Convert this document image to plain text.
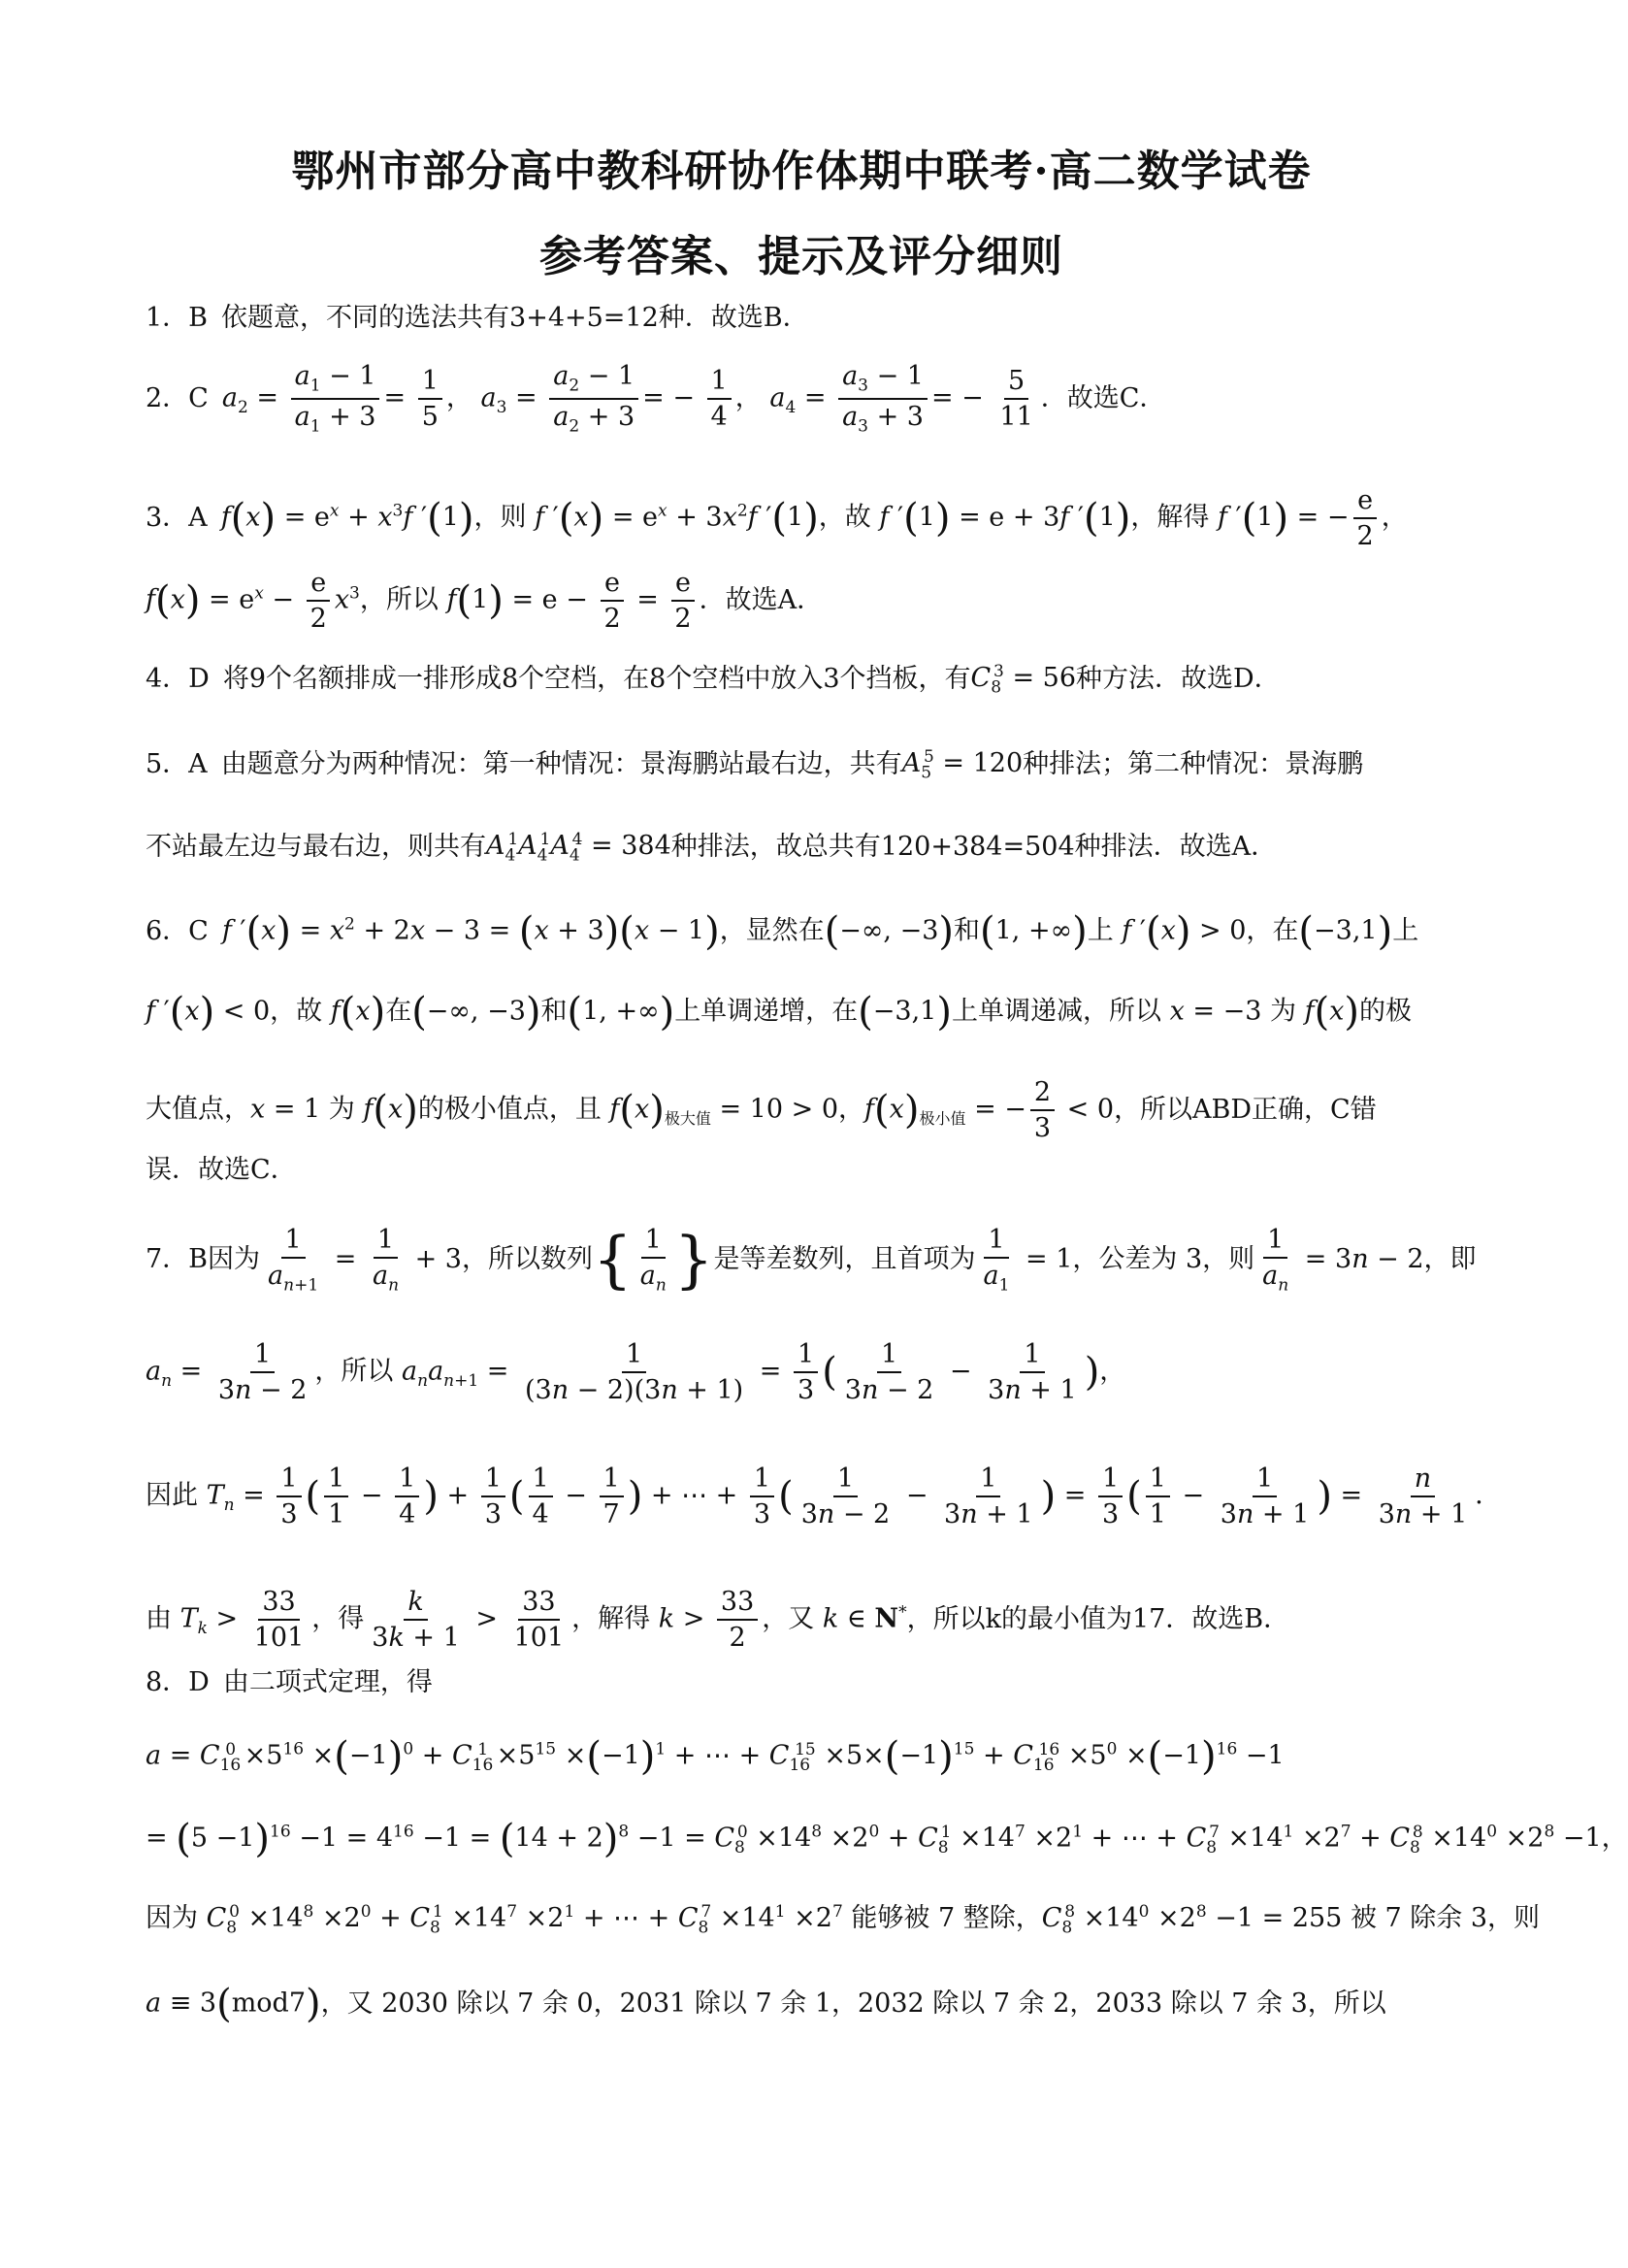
鄂州市部分高中教科研协作体期中联考·高二数学试卷
参考答案、提示及评分细则
1．B 依题意，不同的选法共有3+4+5=12种．故选B．
2．C $a_2 = \frac{a_1 - 1}{a_1 + 3} = \frac{1}{5}$ ， $a_3 = \frac{a_2 - 1}{a_2 + 3}$ = − $\frac{1}{4}$ ， $a_4 = \frac{a_3 - 1}{a_3 + 3}$ = − $\frac{5}{11}$ ．故选C．
3．A $f(x) = e^x + x^3f$ ′(1)，则 f $'(x) = e^x + 3x^2f$ ′(1)，故 f ′(1) = e + 3f ′(1)，解得 f ′(1) = − $\frac{e}{2}$ ，
$f(x) = e^x - \frac{e}{2} x^3$，所以 $f(1) = e - \frac{e}{2} = \frac{e}{2}$ ．故选A．
4．D 将9个名额排成一排形成8个空档，在8个空档中放入3个挡板，有 $C_8^3 = 56$ 种方法．故选D．
5．A 由题意分为两种情况：第一种情况：景海鹏站最右边，共有 $A_5^5 = 120$ 种排法；第二种情况：景海鹏
不站最左边与最右边，则共有 $A_4^1A_4^1A_4^4 = 384$ 种排法，故总共有120+384=504种排法．故选A．
6．C f $'(x) = x^2 + 2x - 3 = (x + 3)(x - 1)$，显然在(−∞, −3)和(1, +∞)上 f ′(x) > 0，在(−3,1)上
f ′(x) < 0，故 f(x)在(−∞, −3)和(1, +∞)上单调递增，在(−3,1)上单调递减，所以 x = −3 为 f(x)的极
大值点，x = 1 为 f(x)的极小值点，且 $f(x)_{极大值} = 10 > 0$，$f(x)_{极小值}$ = − $\frac{2}{3} < 0$ ，所以ABD正确，C错
误．故选C．
7．B 因为 $\frac{1}{a_{n+1}} = \frac{1}{a_n} + 3$，所以数列{ $\frac{1}{a_n}$ }是等差数列，且首项为 $\frac{1}{a_1} = 1$，公差为 3，则 $\frac{1}{a_n} = 3n - 2$，即
$a_n = \frac{1}{3n - 2}$ ，所以 $a_na_{n+1} = \frac{1}{(3n - 2)(3n + 1)} = \frac{1}{3}$ ( $\frac{1}{3n - 2} - \frac{1}{3n + 1}$ )，
因此 $T_n = \frac{1}{3}$ ( $\frac{1}{1} - \frac{1}{4}$ ) + $\frac{1}{3}$ ( $\frac{1}{4} - \frac{1}{7}$ ) + ⋯ + $\frac{1}{3}$ ( $\frac{1}{3n - 2} - \frac{1}{3n + 1}$ ) = $\frac{1}{3}$ ( $\frac{1}{1} - \frac{1}{3n + 1}$ ) = $\frac{n}{3n + 1}$ ．
由 $T_k > \frac{33}{101}$ ，得 $\frac{k}{3k + 1} > \frac{33}{101}$ ，解得 $k > \frac{33}{2}$ ，又 k ∈ N* ，所以k的最小值为17．故选B．
8．D 由二项式定理，得
$a = C_{16}^0 \times 5^{16} \times(-1)^0 + C_{16}^1 \times 5^{15} \times(-1)^1$ + ⋯ + $C_{16}^{15} \times 5\times(-1)^{15} + C_{16}^{16} \times 5^0 \times(-1)^{16} -1$
= $(5 -1)^{16} -1 = 4^{16} -1 = (14 + 2)^8 -1 = C_8^0 \times 14^8 \times 2^0 + C_8^1 \times 14^7 \times 2^1$ + ⋯ + $C_8^7 \times 14^1 \times 2^7 + C_8^8 \times 14^0 \times 2^8 -1$，
因为 $C_8^0 \times 14^8 \times 2^0 + C_8^1 \times 14^7 \times 2^1$ + ⋯ + $C_8^7 \times 14^1 \times 2^7$ 能够被 7 整除，$C_8^8 \times 14^0 \times 2^8 -1 = 255$ 被 7 除余 3，则
a ≡ 3(mod7) ，又 2030 除以 7 余 0，2031 除以 7 余 1，2032 除以 7 余 2，2033 除以 7 余 3，所以
